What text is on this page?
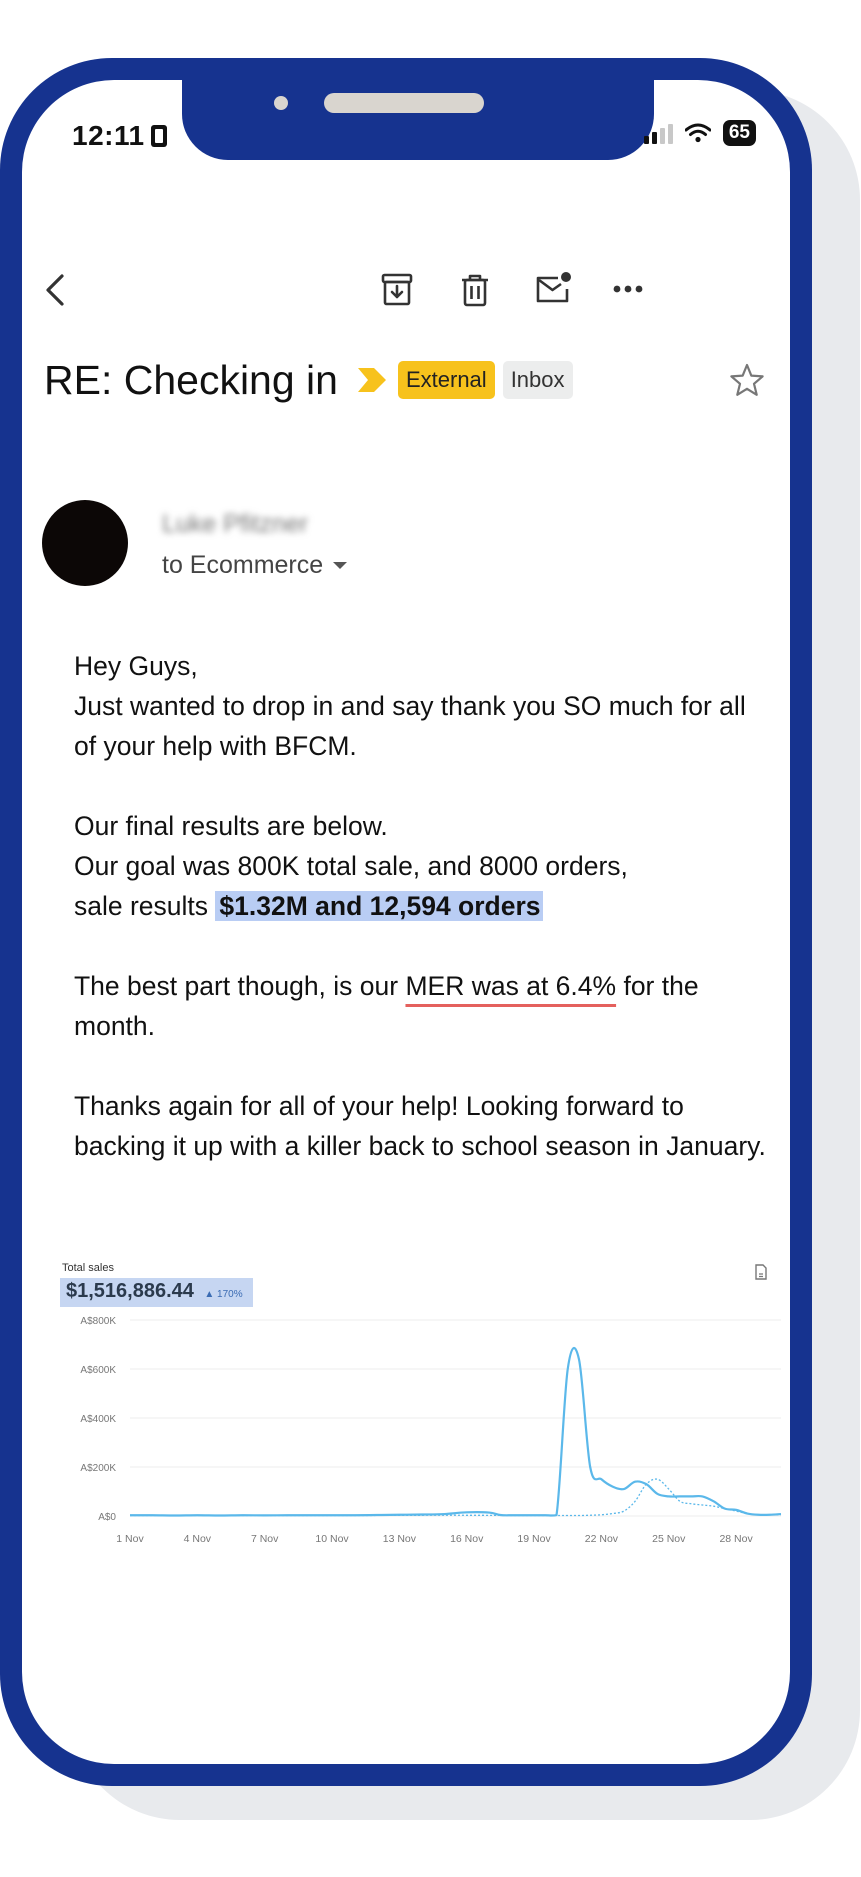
12:11	65
RE: Checking in	External	Inbox
Luke Pfitzner
to Ecommerce

Hey Guys,

Just wanted to drop in and say thank you SO much for all of your help with BFCM.

Our final results are below.

Our goal was 800K total sale, and 8000 orders,

sale results $1.32M and 12,594 orders

The best part though, is our MER was at 6.4% for the month.

Thanks again for all of your help! Looking forward to backing it up with a killer back to school season in January.

Total sales
$1,516,886.44 ▲ 170%
A$800K
A$600K
A$400K
A$200K
A$0
1 Nov	4 Nov	7 Nov	10 Nov	13 Nov	16 Nov	19 Nov	22 Nov	25 Nov	28 Nov
